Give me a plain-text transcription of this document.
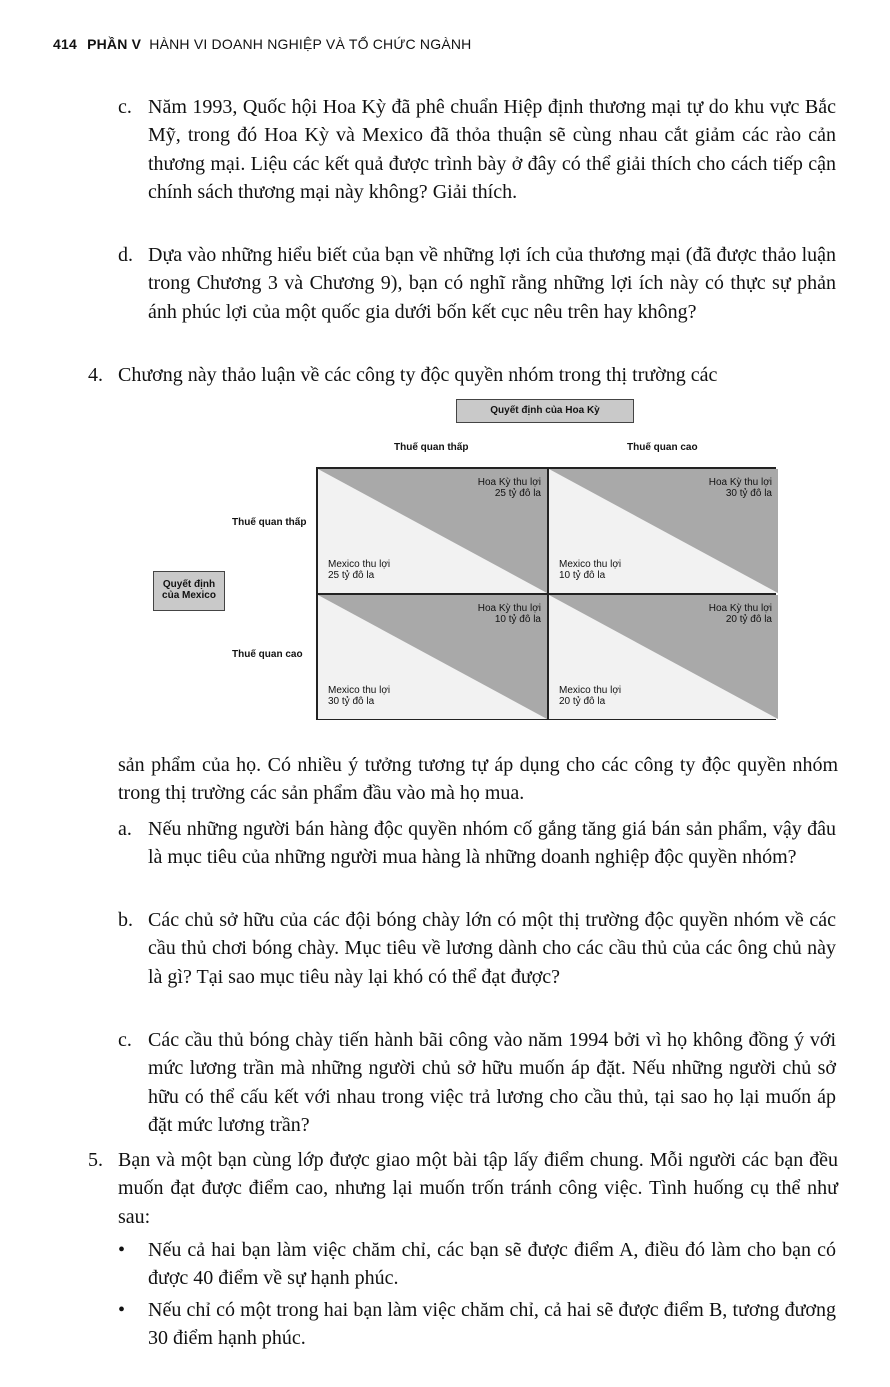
414 PHẦN V HÀNH VI DOANH NGHIỆP VÀ TỔ CHỨC NGÀNH

c. Năm 1993, Quốc hội Hoa Kỳ đã phê chuẩn Hiệp định thương mại tự do khu vực Bắc Mỹ, trong đó Hoa Kỳ và Mexico đã thỏa thuận sẽ cùng nhau cắt giảm các rào cản thương mại. Liệu các kết quả được trình bày ở đây có thể giải thích cho cách tiếp cận chính sách thương mại này không? Giải thích.

d. Dựa vào những hiểu biết của bạn về những lợi ích của thương mại (đã được thảo luận trong Chương 3 và Chương 9), bạn có nghĩ rằng những lợi ích này có thực sự phản ánh phúc lợi của một quốc gia dưới bốn kết cục nêu trên hay không?

4. Chương này thảo luận về các công ty độc quyền nhóm trong thị trường các

Quyết định của Hoa Kỳ
Thuế quan thấp	Thuế quan cao
Thuế quan thấp
Thuế quan cao
Quyết định
của Mexico
Hoa Kỳ thu lợi
25 tỷ đô la
Mexico thu lợi
25 tỷ đô la
Hoa Kỳ thu lợi
30 tỷ đô la
Mexico thu lợi
10 tỷ đô la
Hoa Kỳ thu lợi
10 tỷ đô la
Mexico thu lợi
30 tỷ đô la
Hoa Kỳ thu lợi
20 tỷ đô la
Mexico thu lợi
20 tỷ đô la

sản phẩm của họ. Có nhiều ý tưởng tương tự áp dụng cho các công ty độc quyền nhóm trong thị trường các sản phẩm đầu vào mà họ mua.

a. Nếu những người bán hàng độc quyền nhóm cố gắng tăng giá bán sản phẩm, vậy đâu là mục tiêu của những người mua hàng là những doanh nghiệp độc quyền nhóm?

b. Các chủ sở hữu của các đội bóng chày lớn có một thị trường độc quyền nhóm về các cầu thủ chơi bóng chày. Mục tiêu về lương dành cho các cầu thủ của các ông chủ này là gì? Tại sao mục tiêu này lại khó có thể đạt được?

c. Các cầu thủ bóng chày tiến hành bãi công vào năm 1994 bởi vì họ không đồng ý với mức lương trần mà những người chủ sở hữu muốn áp đặt. Nếu những người chủ sở hữu có thể cấu kết với nhau trong việc trả lương cho cầu thủ, tại sao họ lại muốn áp đặt mức lương trần?

5. Bạn và một bạn cùng lớp được giao một bài tập lấy điểm chung. Mỗi người các bạn đều muốn đạt được điểm cao, nhưng lại muốn trốn tránh công việc. Tình huống cụ thể như sau:

• Nếu cả hai bạn làm việc chăm chỉ, các bạn sẽ được điểm A, điều đó làm cho bạn có được 40 điểm về sự hạnh phúc.

• Nếu chỉ có một trong hai bạn làm việc chăm chỉ, cả hai sẽ được điểm B, tương đương 30 điểm hạnh phúc.
